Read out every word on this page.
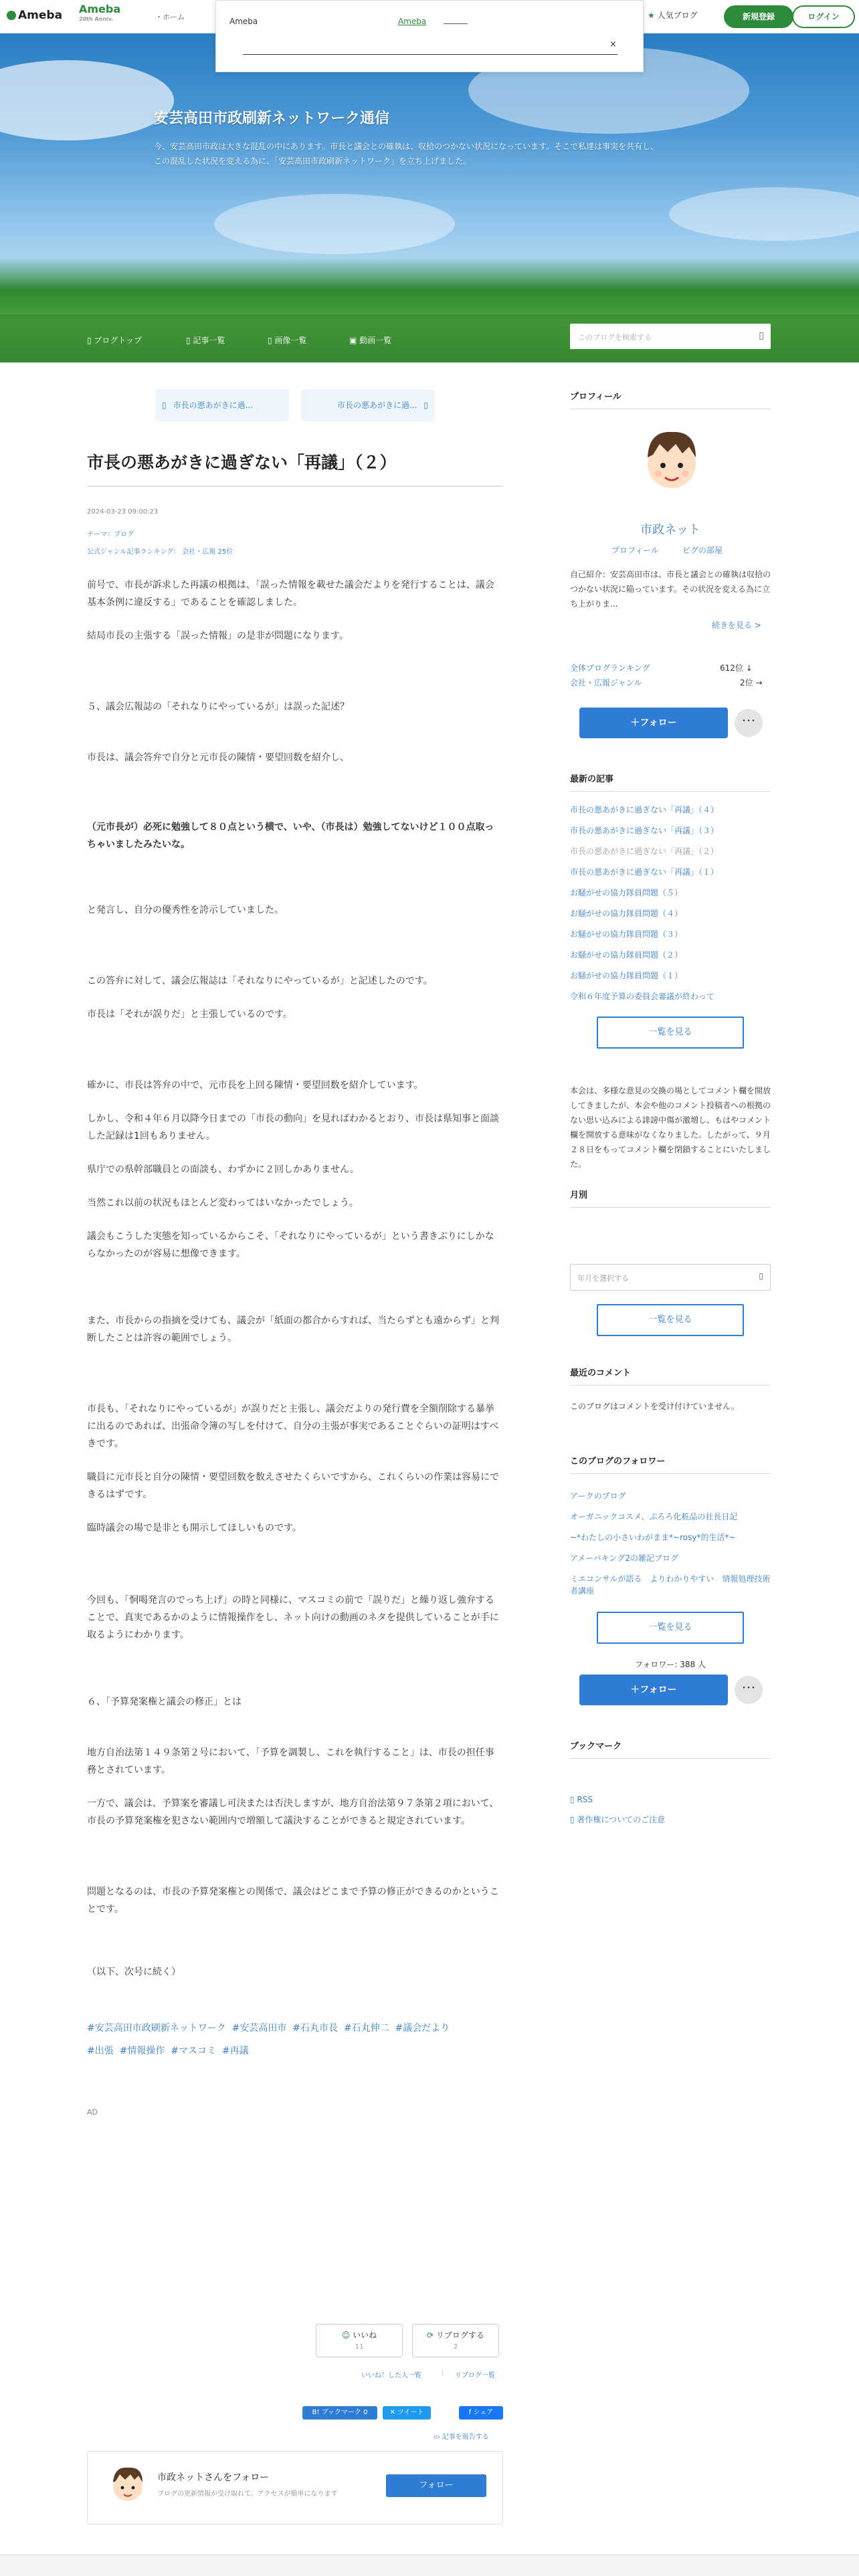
Ameba Ameba
20th Anniv.	・ホーム	★ 人気ブログ	新規登録	ログイン
Ameba	Ameba
×
安芸高田市政刷新ネットワーク通信
今、安芸高田市政は大きな混乱の中にあります。市長と議会との確執は、収拾のつかない状況になっています。そこで私達は事実を共有し、この混乱した状況を変える為に、「安芸高田市政刷新ネットワーク」を立ち上げました。
▯ ブログトップ	▯ 記事一覧	▯ 画像一覧	▣ 動画一覧	このブログを検索する	▯
▯ 市長の悪あがきに過...	市長の悪あがきに過... ▯
市長の悪あがきに過ぎない「再議」（２）
2024-03-23 09:00:23
テーマ：ブログ
公式ジャンル記事ランキング： 会社・広報 25位
前号で、市長が訴求した再議の根拠は、「誤った情報を載せた議会だよりを発行することは、議会基本条例に違反する」であることを確認しました。
結局市長の主張する「誤った情報」の是非が問題になります。
５、議会広報誌の「それなりにやっているが」は誤った記述？
市長は、議会答弁で自分と元市長の陳情・要望回数を紹介し、
（元市長が）必死に勉強して８０点という横で、いや、（市長は）勉強してないけど１００点取っちゃいましたみたいな。
と発言し、自分の優秀性を誇示していました。
この答弁に対して、議会広報誌は「それなりにやっているが」と記述したのです。
市長は「それが誤りだ」と主張しているのです。
確かに、市長は答弁の中で、元市長を上回る陳情・要望回数を紹介しています。
しかし、令和４年６月以降今日までの「市長の動向」を見ればわかるとおり、市長は県知事と面談した記録は1回もありません。
県庁での県幹部職員との面談も、わずかに２回しかありません。
当然これ以前の状況もほとんど変わってはいなかったでしょう。
議会もこうした実態を知っているからこそ、「それなりにやっているが」という書きぶりにしかならなかったのが容易に想像できます。
また、市長からの指摘を受けても、議会が「紙面の都合からすれば、当たらずとも遠からず」と判断したことは許容の範囲でしょう。
市長も、「それなりにやっているが」が誤りだと主張し、議会だよりの発行費を全額削除する暴挙に出るのであれば、出張命令簿の写しを付けて、自分の主張が事実であることぐらいの証明はすべきです。
職員に元市長と自分の陳情・要望回数を数えさせたくらいですから、これくらいの作業は容易にできるはずです。
臨時議会の場で是非とも開示してほしいものです。
今回も、「恫喝発言のでっち上げ」の時と同様に、マスコミの前で「誤りだ」と繰り返し強弁することで、真実であるかのように情報操作をし、ネット向けの動画のネタを提供していることが手に取るようにわかります。
６、「予算発案権と議会の修正」とは
地方自治法第１４９条第２号において、「予算を調製し、これを執行すること」は、市長の担任事務とされています。
一方で、議会は、予算案を審議し可決または否決しますが、地方自治法第９７条第２項において、市長の予算発案権を犯さない範囲内で増額して議決することができると規定されています。
問題となるのは、市長の予算発案権との関係で、議会はどこまで予算の修正ができるのかということです。
（以下、次号に続く）
#安芸高田市政刷新ネットワーク #安芸高田市 #石丸市長 #石丸伸二 #議会だより
#出張 #情報操作 #マスコミ #再議
AD
☺ いいね
11
⟳ リブログする
2
いいね！した人一覧	| リブログ一覧
B! ブックマーク 0	✕ ツイート	f シェア
▭ 記事を報告する
市政ネットさんをフォロー
ブログの更新情報が受け取れて、アクセスが簡単になります
フォロー
プロフィール
市政ネット
プロフィール	ピグの部屋
自己紹介：安芸高田市は、市長と議会との確執は収拾のつかない状況に陥っています。その状況を変える為に立ち上がりま...
続きを見る >
全体ブログランキング	612位 ↓
会社・広報ジャンル	2位 →
＋フォロー	･･･
最新の記事
市長の悪あがきに過ぎない「再議」（４）
市長の悪あがきに過ぎない「再議」（３）
市長の悪あがきに過ぎない「再議」（２）
市長の悪あがきに過ぎない「再議」（１）
お騒がせの協力隊員問題（５）
お騒がせの協力隊員問題（４）
お騒がせの協力隊員問題（３）
お騒がせの協力隊員問題（２）
お騒がせの協力隊員問題（１）
令和６年度予算の委員会審議が終わって
一覧を見る
本会は、多様な意見の交換の場としてコメント欄を開放してきましたが、本会や他のコメント投稿者への根拠のない思い込みによる誹謗中傷が激増し、もはやコメント欄を開放する意味がなくなりました。したがって、９月２８日をもってコメント欄を閉鎖することにいたしました。
月別
年月を選択する	▯
一覧を見る
最近のコメント
このブログはコメントを受け付けていません。
このブログのフォロワー
アークのブログ
オーガニックコスメ、ぷろろ化粧品の社長日記
~*わたしの小さいわがまま*~rosy*的生活*~
アメーバキング2の雑記ブログ
ミエコンサルが語る　よりわかりやすい　情報処理技術者講座
一覧を見る
フォロワー: 388 人
＋フォロー	･･･
ブックマーク
▯ RSS
▯ 著作権についてのご注意
